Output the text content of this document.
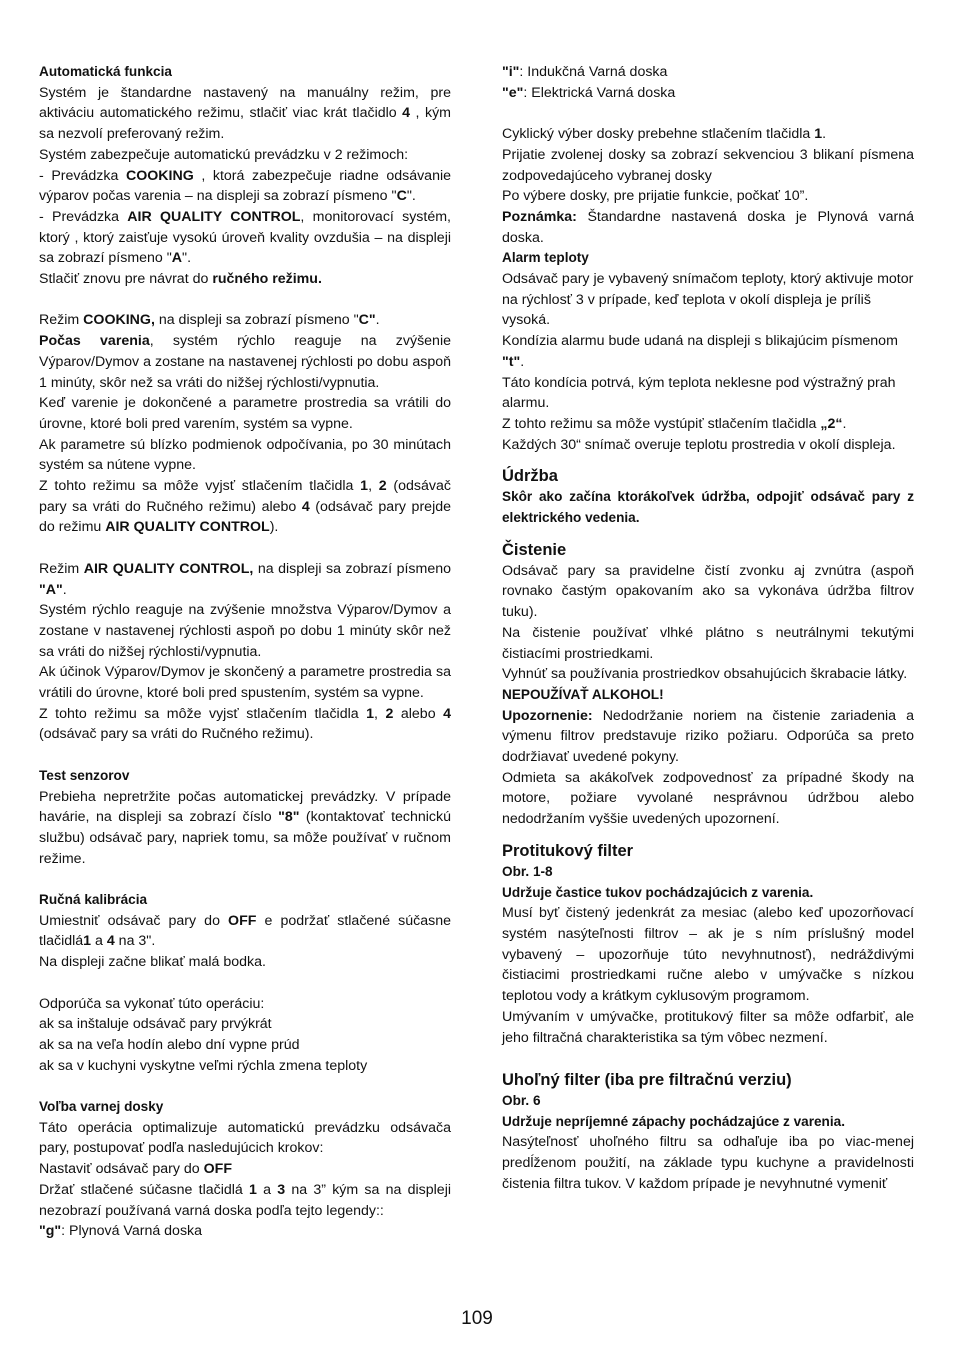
Automatická funkcia

Systém je štandardne nastavený na manuálny režim, pre aktiváciu automatického režimu, stlačiť viac krát tlačidlo 4 , kým sa nezvolí preferovaný režim.

Systém zabezpečuje automatickú prevádzku v 2 režimoch:

- Prevádzka COOKING , ktorá zabezpečuje riadne odsávanie výparov počas varenia – na displeji sa zobrazí písmeno "C".

- Prevádzka AIR QUALITY CONTROL, monitorovací systém, ktorý , ktorý zaisťuje vysokú úroveň kvality ovzdušia – na displeji sa zobrazí písmeno "A".

Stlačiť znovu pre návrat do ručného režimu.

Režim COOKING, na displeji sa zobrazí písmeno "C".

Počas varenia, systém rýchlo reaguje na zvýšenie Výparov/Dymov a zostane na nastavenej rýchlosti po dobu aspoň 1 minúty, skôr než sa vráti do nižšej rýchlosti/vypnutia.

Keď varenie je dokončené a parametre prostredia sa vrátili do úrovne, ktoré boli pred varením, systém sa vypne.

Ak parametre sú blízko podmienok odpočívania, po 30 minútach systém sa nútene vypne.

Z tohto režimu sa môže vyjsť stlačením tlačidla 1, 2 (odsávač pary sa vráti do Ručného režimu) alebo 4 (odsávač pary prejde do režimu AIR QUALITY CONTROL).

Režim AIR QUALITY CONTROL, na displeji sa zobrazí písmeno "A".

Systém rýchlo reaguje na zvýšenie množstva Výparov/Dymov a zostane v nastavenej rýchlosti aspoň po dobu 1 minúty skôr než sa vráti do nižšej rýchlosti/vypnutia.

Ak účinok Výparov/Dymov je skončený a parametre prostredia sa vrátili do úrovne, ktoré boli pred spustením, systém sa vypne.

Z tohto režimu sa môže vyjsť stlačením tlačidla 1, 2 alebo 4 (odsávač pary sa vráti do Ručného režimu).

Test senzorov

Prebieha nepretržite počas automatickej prevádzky. V prípade havárie, na displeji sa zobrazí číslo "8" (kontaktovať technickú službu) odsávač pary, napriek tomu, sa môže používať v ručnom režime.

Ručná kalibrácia

Umiestniť odsávač pary do OFF e podržať stlačené súčasne tlačidlá1 a 4 na 3".

Na displeji začne blikať malá bodka.

Odporúča sa vykonať túto operáciu:

ak sa inštaluje odsávač pary prvýkrát

ak sa na veľa hodín alebo dní vypne prúd

ak sa v kuchyni vyskytne veľmi rýchla zmena teploty

Voľba varnej dosky

Táto operácia optimalizuje automatickú prevádzku odsávača pary, postupovať podľa nasledujúcich krokov:

Nastaviť odsávač pary do OFF

Držať stlačené súčasne tlačidlá 1 a 3 na 3” kým sa na displeji nezobrazí používaná varná doska podľa tejto legendy::

"g": Plynová Varná doska

"i": Indukčná Varná doska

"e": Elektrická Varná doska

Cyklický výber dosky prebehne stlačením tlačidla 1.

Prijatie zvolenej dosky sa zobrazí sekvenciou 3 blikaní písmena zodpovedajúceho vybranej dosky

Po výbere dosky, pre prijatie funkcie, počkať 10”.

Poznámka: Štandardne nastavená doska je Plynová varná doska.

Alarm teploty

Odsávač pary je vybavený snímačom teploty, ktorý aktivuje motor na rýchlosť 3 v prípade, keď teplota v okolí displeja je príliš vysoká.

Kondízia alarmu bude udaná na displeji s blikajúcim písmenom "t".

Táto kondícia potrvá, kým teplota neklesne pod výstražný prah alarmu.

Z tohto režimu sa môže vystúpiť stlačením tlačidla „2“.

Každých 30“ snímač overuje teplotu prostredia v okolí displeja.

Údržba

Skôr ako začína ktorákoľvek údržba, odpojiť odsávač pary z elektrického vedenia.

Čistenie

Odsávač pary sa pravidelne čistí zvonku aj zvnútra (aspoň rovnako častým opakovaním ako sa vykonáva údržba filtrov tuku).

Na čistenie používať vlhké plátno s neutrálnymi tekutými čistiacími prostriedkami.

Vyhnúť sa používania prostriedkov obsahujúcich škrabacie látky.

NEPOUŽÍVAŤ ALKOHOL!

Upozornenie: Nedodržanie noriem na čistenie zariadenia a výmenu filtrov predstavuje riziko požiaru. Odporúča sa preto dodržiavať uvedené pokyny.

Odmieta sa akákoľvek zodpovednosť za prípadné škody na motore, požiare vyvolané nesprávnou údržbou alebo nedodržaním vyššie uvedených upozornení.

Protitukový filter

Obr. 1-8

Udržuje častice tukov pochádzajúcich z varenia.

Musí byť čistený jedenkrát za mesiac (alebo keď upozorňovací systém nasýteľnosti filtrov – ak je s ním príslušný model vybavený – upozorňuje túto nevyhnutnosť), nedráždivými čistiacimi prostriedkami ručne alebo v umývačke s nízkou teplotou vody a krátkym cyklusovým programom.

Umývaním v umývačke, protitukový filter sa môže odfarbiť, ale jeho filtračná charakteristika sa tým vôbec nezmení.

Uhoľný filter (iba pre filtračnú verziu)

Obr. 6

Udržuje nepríjemné zápachy pochádzajúce z varenia.

Nasýteľnosť uhoľného filtru sa odhaľuje iba po viac-menej predĺženom použití, na základe typu kuchyne a pravidelnosti čistenia filtra tukov. V každom prípade je nevyhnutné vymeniť

109
